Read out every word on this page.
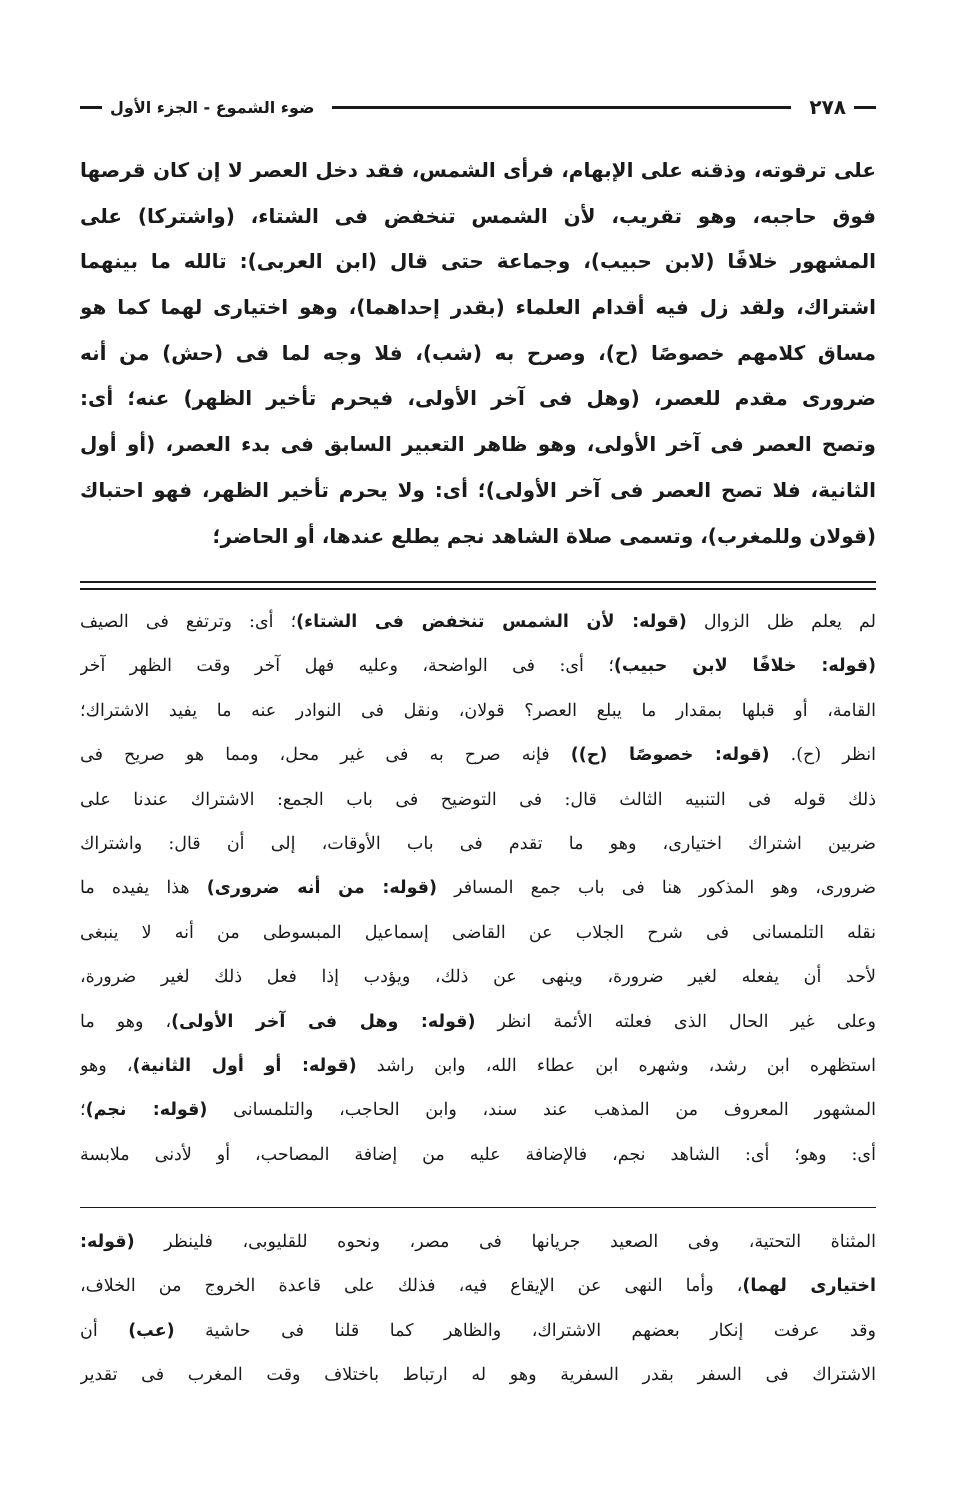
٢٧٨
ضوء الشموع - الجزء الأول
على ترقوته، وذقنه على الإبهام، فرأى الشمس، فقد دخل العصر لا إن كان قرصها
فوق حاجبه، وهو تقريب، لأن الشمس تنخفض فى الشتاء، (واشتركا) على
المشهور خلافًا (لابن حبيب)، وجماعة حتى قال (ابن العربى): تالله ما بينهما
اشتراك، ولقد زل فيه أقدام العلماء (بقدر إحداهما)، وهو اختيارى لهما كما هو
مساق كلامهم خصوصًا (ح)، وصرح به (شب)، فلا وجه لما فى (حش) من أنه
ضرورى مقدم للعصر، (وهل فى آخر الأولى، فيحرم تأخير الظهر) عنه؛ أى:
وتصح العصر فى آخر الأولى، وهو ظاهر التعبير السابق فى بدء العصر، (أو أول
الثانية، فلا تصح العصر فى آخر الأولى)؛ أى: ولا يحرم تأخير الظهر، فهو احتباك
(قولان وللمغرب)، وتسمى صلاة الشاهد نجم يطلع عندها، أو الحاضر؛
لم يعلم ظل الزوال (قوله: لأن الشمس تنخفض فى الشتاء)؛ أى: وترتفع فى الصيف
(قوله: خلافًا لابن حبيب)؛ أى: فى الواضحة، وعليه فهل آخر وقت الظهر آخر
القامة، أو قبلها بمقدار ما يبلع العصر؟ قولان، ونقل فى النوادر عنه ما يفيد الاشتراك؛
انظر (ح). (قوله: خصوصًا (ح)) فإنه صرح به فى غير محل، ومما هو صريح فى
ذلك قوله فى التنبيه الثالث قال: فى التوضيح فى باب الجمع: الاشتراك عندنا على
ضربين اشتراك اختيارى، وهو ما تقدم فى باب الأوقات، إلى أن قال: واشتراك
ضرورى، وهو المذكور هنا فى باب جمع المسافر (قوله: من أنه ضرورى) هذا يفيده ما
نقله التلمسانى فى شرح الجلاب عن القاضى إسماعيل المبسوطى من أنه لا ينبغى
لأحد أن يفعله لغير ضرورة، وينهى عن ذلك، ويؤدب إذا فعل ذلك لغير ضرورة،
وعلى غير الحال الذى فعلته الأئمة انظر (قوله: وهل فى آخر الأولى)، وهو ما
استظهره ابن رشد، وشهره ابن عطاء الله، وابن راشد (قوله: أو أول الثانية)، وهو
المشهور المعروف من المذهب عند سند، وابن الحاجب، والتلمسانى (قوله: نجم)؛
أى: وهو؛ أى: الشاهد نجم، فالإضافة عليه من إضافة المصاحب، أو لأدنى ملابسة
المثناة التحتية، وفى الصعيد جريانها فى مصر، ونحوه للقليوبى، فلينظر (قوله:
اختيارى لهما)، وأما النهى عن الإيقاع فيه، فذلك على قاعدة الخروج من الخلاف،
وقد عرفت إنكار بعضهم الاشتراك، والظاهر كما قلنا فى حاشية (عب) أن
الاشتراك فى السفر بقدر السفرية وهو له ارتباط باختلاف وقت المغرب فى تقدير
